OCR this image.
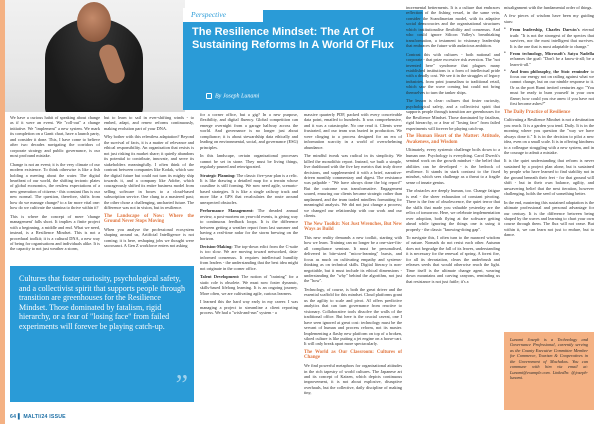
Perspective
The Resilience Mindset: The Art Of Sustaining Reforms In A World Of Flux
By Joseph Lunami

We have a curious habit of speaking about change as if it were an event. We "roll-out" a change initiative. We "implement" a new system. We mark its completion on a Gantt chart, have a launch party, and consider it done. This, I have come to believe after two decades navigating the corridors of corporate strategy and public governance, is our most profound mistake.

Change is not an event; it is the very climate of our modern existence. To think otherwise is like a fish holding a meeting about the water. The digital heartbeat of our world, the shifting tectonic plates of global economics, the restless expectations of a new generation of citizens - this constant flux is our new normal. The question, therefore, shifts from how do we manage change? to a far more vital one: how do we cultivate the stamina to thrive within it?

This is where the concept of mere 'change management' falls short. It implies a finite project with a beginning, a middle and end. What we need, instead, is a Resilience Mindset. This is not a procedural toolkit; it is a cultural DNA, a new way of being for organisations and individuals alike. It is the capacity to not just weather a storm,

but to learn to sail in ever-shifting winds - to embed, adapt, and renew reforms continuously, making evolution part of your DNA.

Why bother with this relentless adaptation? Beyond the survival of facts, it is a matter of relevance and ethical responsibility. An organisation that resists is not just risking its market share; it quietly abandons its potential to contribute, innovate, and serve its stakeholders meaningfully. I often think of the contrast between companies like Kodak, which saw the digital future but could not turn its mighty ship towards it, and a company like Adobe, which courageously shifted its entire business model from selling software in boxes to a cloud-based subscription service. One clung to a mastered past; the other chose a challenging, uncharted future. The difference was not in vision, but in resilience.

The Landscape of Now: Where the Ground Never Stops Moving

When you analyse the professional ecosystem shaping around us, Artificial Intelligence is not coming; it is here, reshaping jobs we thought were sacrosanct. A Gen Z workforce enters not asking

Cultures that foster curiosity, psychological safety, and a collectivist spirit that supports people through transition are greenhouses for the Resilience Mindset. Those dominated by fatalism, rigid hierarchy, or a fear of "losing face" from failed experiments will forever be playing catch-up.
”

for a corner office, but a gig? In a new purpose, flexibility, and digital fluency. Global competition can emerge overnight from a garage halfway across the world. And governance is no longer just about compliance; it is about stewardship data ethically and leading on environmental, social, and governance (ESG) principles.

In this landscape, certain organisational processes cannot be set in stone. They must be living things, regularly pruned and reinvigorated.

Strategic Planning: The classic five-year plan is a relic. It is like drawing a detailed map for a terrain whose coastline is still forming. We now need agile, scenario-based strategies. It is like a single railway track and more like a GPS that recalculates the route around unexpected obstacles.

Performance Management: The dreaded annual review, a post-mortem on year-old events, is giving way to continuous feedback loops. It is the difference between getting a weather report from last summer and having a real-time radar for the storm brewing on the horizon.

Decision-Making: The top-down edict from the C-suite is too slow. We are moving toward networked, data-informed consensus. It requires intellectual humility from leaders - the understanding that the best idea might not originate in the corner office.

Talent Development: The notion of "training" for a static role is obsolete. We must now foster dynamic, skills-based lifelong learning. It is an ongoing journey. More often, we are cultivating agile, curious learners.

I learned this the hard way early in my career. I was managing a project to streamline a client reporting process. We had a "wish-and-run" system - a

massive quarterly PDF, packed with every conceivable data point, emailed to hundreds. It was comprehensive, and it was a catastrophe. No one read it. Clients were frustrated, and our team was buried in production. We were clinging to a process designed for an era of information scarcity in a world of overwhelming abundance.

The mindful tweak was radical in its simplicity. We killed the monolithic report. Instead, we built a simple, live dashboard with the five key metrics that truly drove decisions, and supplemented it with a brief, narrative-driven monthly commentary and digest. The resistance was palpable - "We have always done the big report!" But the outcome was transformative. Engagement soared, ensuring our clients became strategic rather than unplanned, and the team traded mindless formatting for meaningful analysis. We did not just change a process; we changed our relationship with our work and our clients.

The New Toolkit: Not Just Wrenches, But New Ways as Build

This new reality demands a new toolkit, starting with how we learn. Training can no longer be a one-size-fits-all compliance seminar. It must be personalised, delivered in bite-sized "micro-learning" bursts, and focus as much on cultivating empathy and systems-thinking as on technical skills. Digital literacy is non-negotiable, but it must include its ethical dimensions - understanding the "why" behind the algorithm, not just the "how".

Technology, of course, is both the great driver and the essential scaffold for this mindset. Cloud platforms grant us the agility to scale and pivot. AI offers predictive analytics that can turn governance from reactive to visionary. Collaborative tools dissolve the walls of the traditional office. But here is the crucial caveat, one I have seen ignored at great cost: technology must be the servant of human and process reform, not its master. Implementing a flashy new platform on top of a broken, siloed culture is like putting a jet engine on a horse-cart. It will only break apart more spectacularly.

The World as Our Classroom: Cultures of Change

We find powerful metaphors for organisational attitudes in the rich tapestry of world cultures. The Japanese art and its concept of Kaizen, which depicts continuous improvement, it is not about explosive, disruptive overhauls, but the collective, daily discipline of making tiny,

incremental betterments. It is a culture that embraces reflection of the fishing vessel, in the same vein, consider the Scandinavian model, with its adaptive social democracies and the organisational structures which institutionalise flexibility and consensus. And who could ignore Silicon Valley's breathtaking transformation, a testament to visionary leadership that embraces the future with audacious ambition.

Contrast this with cultures - both national and corporate - that prize excessive risk aversion. The "not invented here" syndrome that plagues many established institutions is a form of intellectual pride with a deadly cost. We see it in the struggles of legacy industries, from print journalism to traditional retail, which saw the wave coming but could not bring themselves to turn the tanker ships.

The lesson is clear: cultures that foster curiosity, psychological safety, and a collectivist spirit that supports people through transition are greenhouses for the Resilience Mindset. Those dominated by fatalism, rigid hierarchy, or a fear of "losing face" from failed experiments will forever be playing catch-up.

The Human Heart of the Matter: Attitude, Awakeness, and Wisdom

Ultimately, every systemic challenge boils down to a human one. Psychology is everything. Carol Dweck's seminal work on the growth mindset - the belief that abilities can be developed - is the bedrock of resilience. It stands in stark contrast to the fixed mindset, which sees challenge as a threat to a fragile sense of innate genius.

The obstacles are deeply human, too. Change fatigue is real - the sheer exhaustion of constant pivoting. There is the fear of obsolescence, the quiet terror that the skills that made you valuable yesterday are the relics of tomorrow. Here, we celebrate implementation over adoption, both flying at the software getting ahead while ignoring the things one is using it properly - the classic "knowing-doing gap".

To navigate this, I often turn to the nuanced wisdom of nature. Nomads do not resist each other. Autumn does not begrudge the fall of its leaves, understanding it is necessary for the renewal of spring. A forest fire, for all its devastation, clears the underbrush and releases seeds that would otherwise reach the light. Time itself is the ultimate change agent, wearing down mountains and carving canyons, reminding us that resistance is not just futile; it's a

misalignment with the fundamental order of things.

A few pieces of wisdom have been my guiding stars:

• From leadership, Charles Darwin's eternal truth: "It is not the strongest of the species that survives, nor the most intelligent that survives. It is the one that is most adaptable to change."
• From technology, Microsoft's Satya Nadella reframes the goal: "Don't be a know-it-all; be a learn-it-all."
• And from philosophy, the Stoic reminder to focus our energy not on railing against what we cannot change, but on our nimble response to it. Or as the poet Rumi invited centuries ago: "You must be ready to burn yourself in your own flame; how could you rise anew if you have not first become ashes?"
The Daily Practice of Resilience

Cultivating a Resilience Mindset is not a destination you reach. It is a garden you tend. Daily. It is in the morning where you question the "way we have always done it." It is in the decision to pilot a new idea, even on a small scale. It is in offering kindness to a colleague struggling with a new system, and in the courage to admit a mistake.

It is the quiet understanding that reform is never sustained by a project plan alone, but is sustained by people who have learned to find stability not in the ground beneath their feet - for that ground will shift - but in their own balance, agility, and unwavering belief that the next iteration, however challenging, holds the seed of something better.

In the end, mastering this sustained adaptation is the ultimate professional and personal advantage for our century. It is the difference between being shaped by the waves and learning to chart your own course through them. The flux will not cease. But within it, we can learn not just to endure, but to dance.

Lunami Joseph is a Technology and Governance Professional, currently serving as the County Executive Committee Member for Commerce, Tourism & Cooperatives in the Government of Machakos. You can commune with him via email at: Lunami@example.com. LinkedIn: @joseph-lunami.
64 ▌ MALTI/24 ISSUE
